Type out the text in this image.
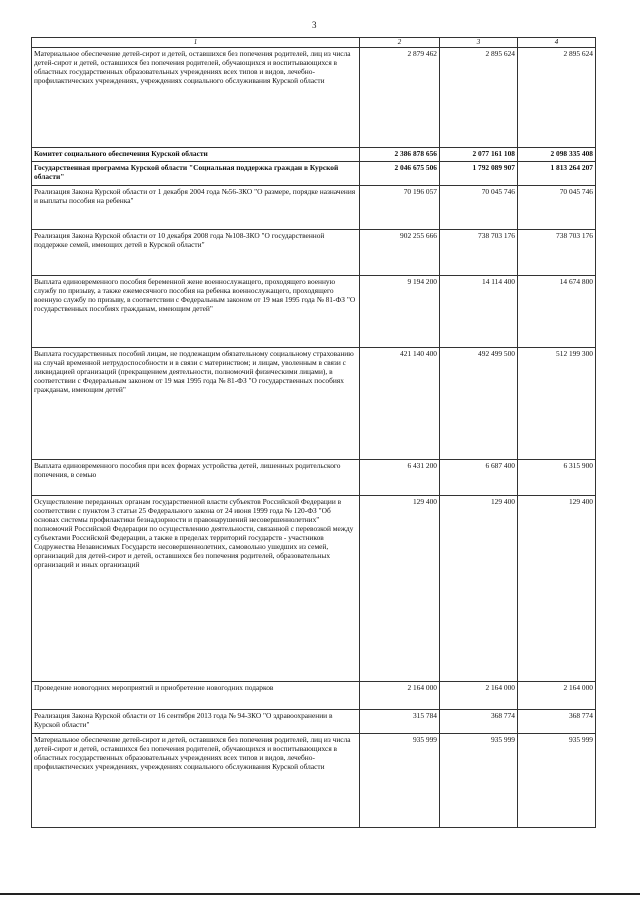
3
1	2	3	4
Материальное обеспечение детей-сирот и детей, оставшихся без попечения родителей, лиц из числа детей-сирот и детей, оставшихся без попечения родителей, обучающихся и воспитывающихся в областных государственных образовательных учреждениях всех типов и видов, лечебно-профилактических учреждениях, учреждениях социального обслуживания Курской области	2 879 462	2 895 624	2 895 624
Комитет социального обеспечения Курской области	2 386 878 656	2 077 161 108	2 098 335 408
Государственная программа Курской области "Социальная поддержка граждан в Курской области"	2 046 675 506	1 792 089 907	1 813 264 207
Реализация Закона Курской области от 1 декабря 2004 года №56-ЗКО "О размере, порядке назначения и выплаты пособия на ребенка"	70 196 057	70 045 746	70 045 746
Реализация Закона Курской области от 10 декабря 2008 года №108-ЗКО "О государственной поддержке семей, имеющих детей в Курской области"	902 255 666	738 703 176	738 703 176
Выплата единовременного пособия беременной жене военнослужащего, проходящего военную службу по призыву, а также ежемесячного пособия на ребенка военнослужащего, проходящего военную службу по призыву, в соответствии с Федеральным законом от 19 мая 1995 года № 81-ФЗ "О государственных пособиях гражданам, имеющим детей"	9 194 200	14 114 400	14 674 800
Выплата государственных пособий лицам, не подлежащим обязательному социальному страхованию на случай временной нетрудоспособности и в связи с материнством; и лицам, уволенным в связи с ликвидацией организаций (прекращением деятельности, полномочий физическими лицами), в соответствии с Федеральным законом от 19 мая 1995 года № 81-ФЗ "О государственных пособиях гражданам, имеющим детей"	421 140 400	492 499 500	512 199 300
Выплата единовременного пособия при всех формах устройства детей, лишенных родительского попечения, в семью	6 431 200	6 687 400	6 315 900
Осуществление переданных органам государственной власти субъектов Российской Федерации в соответствии с пунктом 3 статьи 25 Федерального закона от 24 июня 1999 года № 120-ФЗ "Об основах системы профилактики безнадзорности и правонарушений несовершеннолетних" полномочий Российской Федерации по осуществлению деятельности, связанной с перевозкой между субъектами Российской Федерации, а также в пределах территорий государств - участников Содружества Независимых Государств несовершеннолетних, самовольно ушедших из семей, организаций для детей-сирот и детей, оставшихся без попечения родителей, образовательных организаций и иных организаций	129 400	129 400	129 400
Проведение новогодних мероприятий и приобретение новогодних подарков	2 164 000	2 164 000	2 164 000
Реализация Закона Курской области от 16 сентября 2013 года № 94-ЗКО "О здравоохранении в Курской области"	315 784	368 774	368 774
Материальное обеспечение детей-сирот и детей, оставшихся без попечения родителей, лиц из числа детей-сирот и детей, оставшихся без попечения родителей, обучающихся и воспитывающихся в областных государственных образовательных учреждениях всех типов и видов, лечебно-профилактических учреждениях, учреждениях социального обслуживания Курской области	935 999	935 999	935 999
